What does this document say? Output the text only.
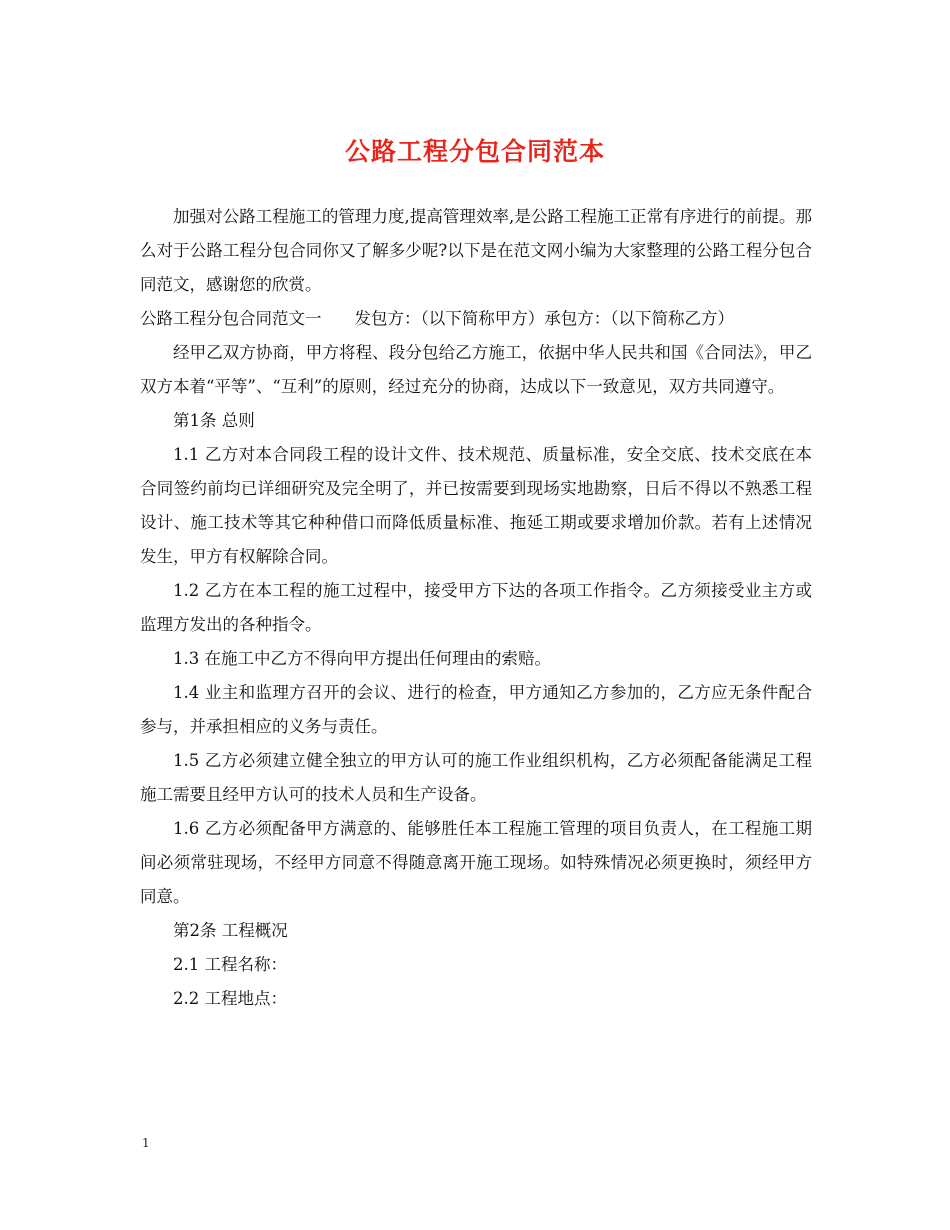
公路工程分包合同范本

加强对公路工程施工的管理力度,提高管理效率,是公路工程施工正常有序进行的前提。那么对于公路工程分包合同你又了解多少呢?以下是在范文网小编为大家整理的公路工程分包合同范文，感谢您的欣赏。

公路工程分包合同范文一　　发包方：（以下简称甲方）承包方：（以下简称乙方）

经甲乙双方协商，甲方将程、段分包给乙方施工，依据中华人民共和国《合同法》，甲乙双方本着“平等”、“互利”的原则，经过充分的协商，达成以下一致意见，双方共同遵守。

第1条 总则

1.1 乙方对本合同段工程的设计文件、技术规范、质量标准，安全交底、技术交底在本合同签约前均已详细研究及完全明了，并已按需要到现场实地勘察，日后不得以不熟悉工程设计、施工技术等其它种种借口而降低质量标准、拖延工期或要求增加价款。若有上述情况发生，甲方有权解除合同。

1.2 乙方在本工程的施工过程中，接受甲方下达的各项工作指令。乙方须接受业主方或监理方发出的各种指令。

1.3 在施工中乙方不得向甲方提出任何理由的索赔。

1.4 业主和监理方召开的会议、进行的检查，甲方通知乙方参加的，乙方应无条件配合参与，并承担相应的义务与责任。

1.5 乙方必须建立健全独立的甲方认可的施工作业组织机构，乙方必须配备能满足工程施工需要且经甲方认可的技术人员和生产设备。

1.6 乙方必须配备甲方满意的、能够胜任本工程施工管理的项目负责人，在工程施工期间必须常驻现场，不经甲方同意不得随意离开施工现场。如特殊情况必须更换时，须经甲方同意。

第2条 工程概况

2.1 工程名称：

2.2 工程地点：

1
